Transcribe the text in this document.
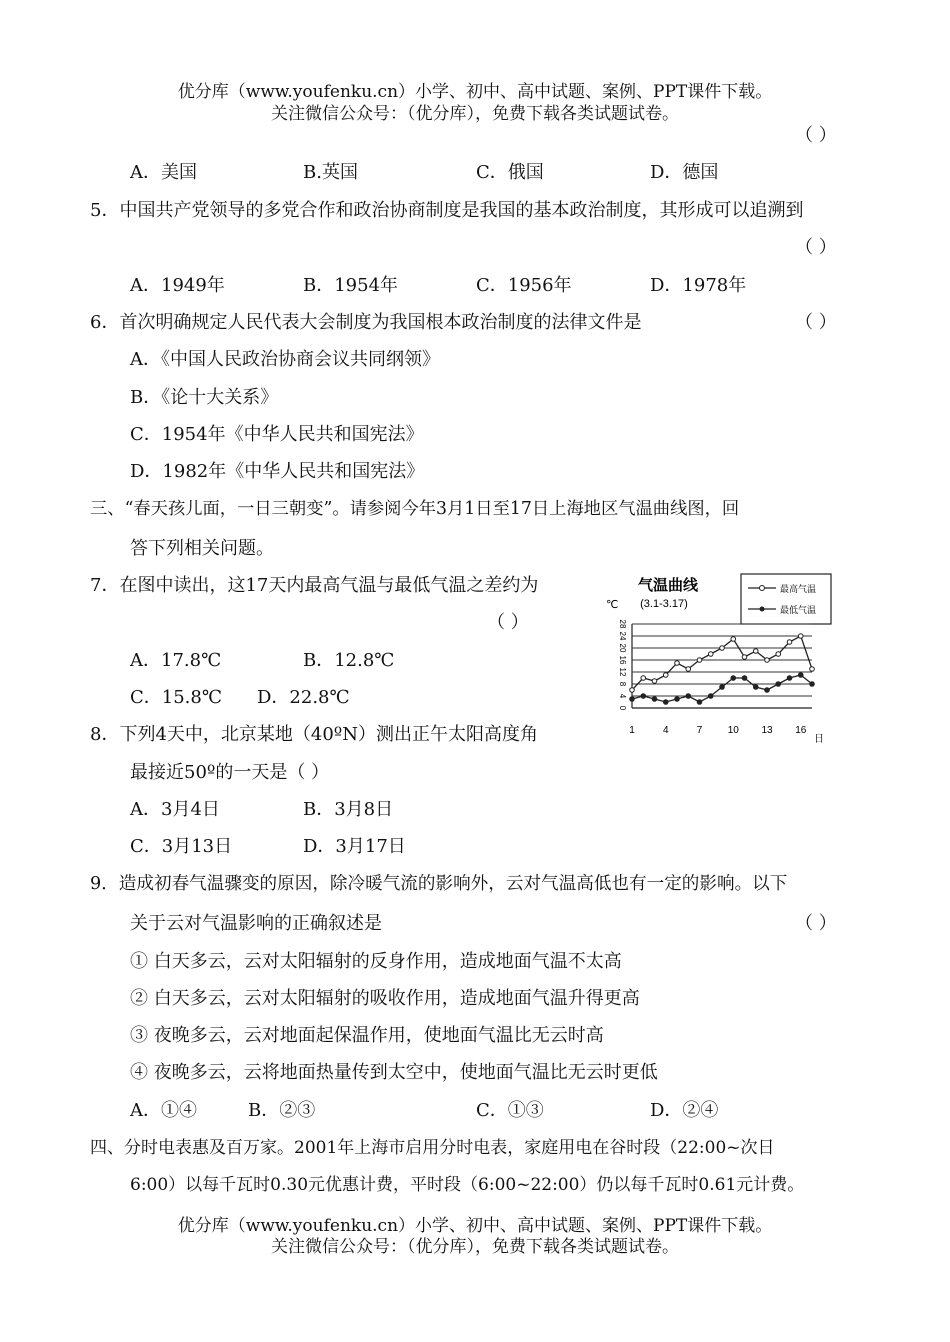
优分库（www.youfenku.cn）小学、初中、高中试题、案例、PPT课件下载。
关注微信公众号：（优分库），免费下载各类试题试卷。
（ ）
A．美国	B.英国	C．俄国	D．德国
5．中国共产党领导的多党合作和政治协商制度是我国的基本政治制度，其形成可以追溯到
（ ）
A．1949年	B．1954年	C．1956年	D．1978年
6．首次明确规定人民代表大会制度为我国根本政治制度的法律文件是	（ ）
A．《中国人民政治协商会议共同纲领》
B．《论十大关系》
C．1954年《中华人民共和国宪法》
D．1982年《中华人民共和国宪法》
三、“春天孩儿面，一日三朝变”。请参阅今年3月1日至17日上海地区气温曲线图，回
答下列相关问题。
7．在图中读出，这17天内最高气温与最低气温之差约为
（ ）
A．17.8℃	B．12.8℃
C．15.8℃ D．22.8℃
气温曲线
(3.1-3.17)
℃
日
最高气温
最低气温
0
4
8
12
16
20
24
28
1	4	7	10 13 16
8．下列4天中，北京某地（40ºN）测出正午太阳高度角
最接近50º的一天是（ ）
A．3月4日	B．3月8日
C．3月13日	D．3月17日
9．造成初春气温骤变的原因，除冷暖气流的影响外，云对气温高低也有一定的影响。以下
关于云对气温影响的正确叙述是	（ ）
① 白天多云，云对太阳辐射的反身作用，造成地面气温不太高
② 白天多云，云对太阳辐射的吸收作用，造成地面气温升得更高
③ 夜晚多云，云对地面起保温作用，使地面气温比无云时高
④ 夜晚多云，云将地面热量传到太空中，使地面气温比无云时更低
A．①④	B．②③	C．①③	D．②④
四、分时电表惠及百万家。2001年上海市启用分时电表，家庭用电在谷时段（22:00~次日
6:00）以每千瓦时0.30元优惠计费，平时段（6:00~22:00）仍以每千瓦时0.61元计费。
优分库（www.youfenku.cn）小学、初中、高中试题、案例、PPT课件下载。
关注微信公众号：（优分库），免费下载各类试题试卷。
